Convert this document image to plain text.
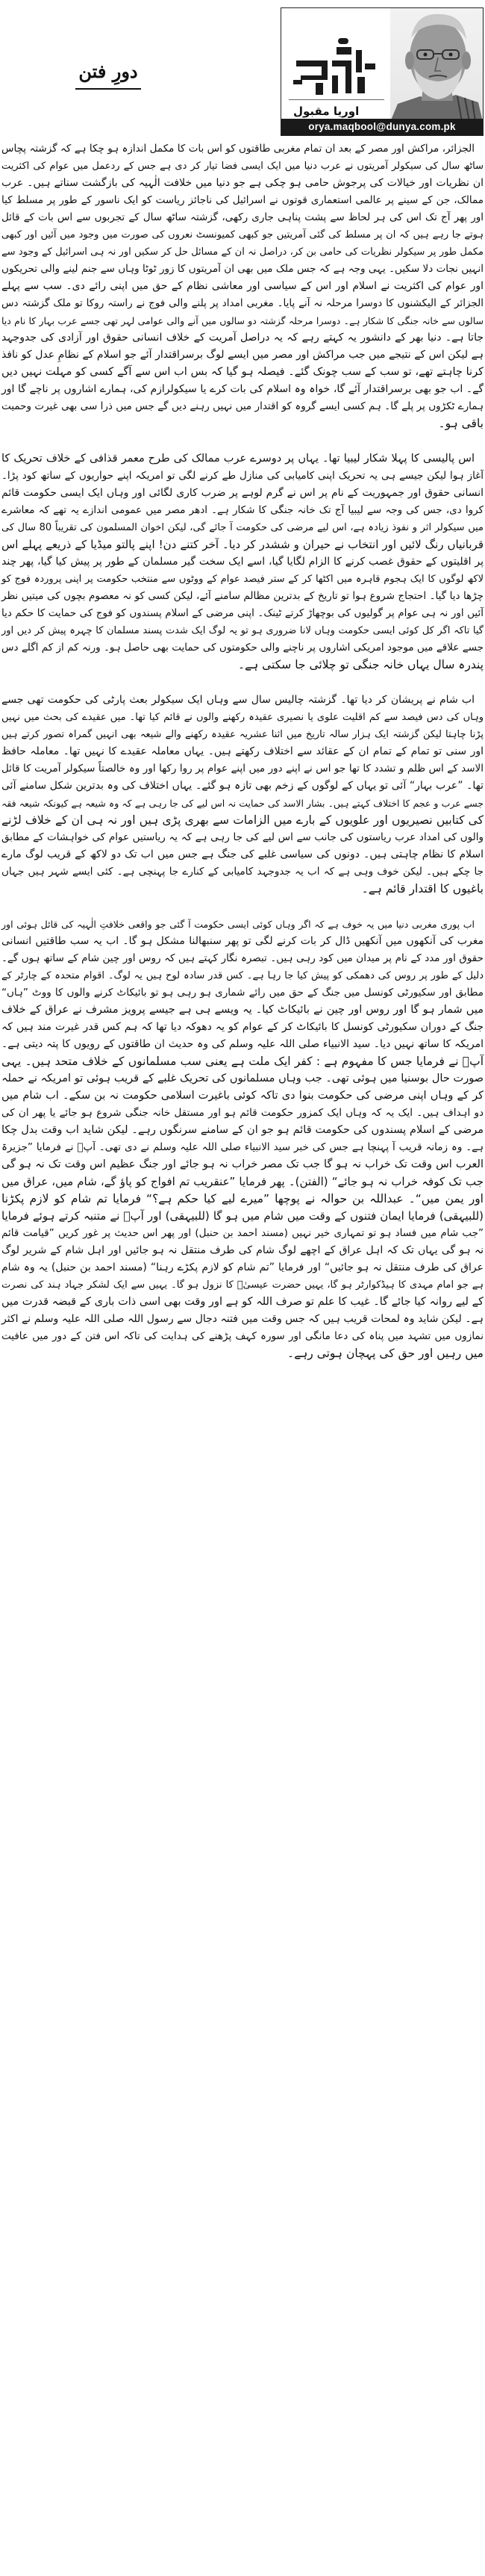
دورِ فتن
اوریا مقبول
orya.maqbool@dunya.com.pk
الجزائر، مراکش اور مصر کے بعد ان تمام مغربی طاقتوں کو اس بات کا مکمل اندازہ ہو چکا ہے کہ گزشتہ پچاس
ساٹھ سال کی سیکولر آمریتوں نے عرب دنیا میں ایک ایسی فضا تیار کر دی ہے جس کے ردعمل میں عوام کی اکثریت
ان نظریات اور خیالات کی پرجوش حامی ہو چکی ہے جو دنیا میں خلافت الٰہیہ کی بازگشت سناتے ہیں۔ عرب
ممالک، جن کے سینے پر عالمی استعماری قوتوں نے اسرائیل کی ناجائز ریاست کو ایک ناسور کے طور پر مسلط کیا
اور پھر آج تک اس کی ہر لحاظ سے پشت پناہی جاری رکھی، گزشتہ ساٹھ سال کے تجربوں سے اس بات کے قائل
ہوتے جا رہے ہیں کہ ان پر مسلط کی گئی آمریتیں جو کبھی کمیونسٹ نعروں کی صورت میں وجود میں آئیں اور کبھی
مکمل طور پر سیکولر نظریات کی حامی بن کر، دراصل نہ ان کے مسائل حل کر سکیں اور نہ ہی اسرائیل کے وجود سے
انہیں نجات دلا سکیں۔ یہی وجہ ہے کہ جس ملک میں بھی ان آمریتوں کا زور ٹوٹا وہاں سے جنم لینے والی تحریکوں
اور عوام کی اکثریت نے اسلام اور اس کے سیاسی اور معاشی نظام کے حق میں اپنی رائے دی۔ سب سے پہلے
الجزائر کے الیکشنوں کا دوسرا مرحلہ نہ آنے پایا۔ مغربی امداد پر پلنے والی فوج نے راستہ روکا تو ملک گزشتہ دس
سالوں سے خانہ جنگی کا شکار ہے۔ دوسرا مرحلہ گزشتہ دو سالوں میں آنے والی عوامی لہر تھی جسے عرب بہار کا نام دیا
جاتا ہے۔ دنیا بھر کے دانشور یہ کہتے رہے کہ یہ دراصل آمریت کے خلاف انسانی حقوق اور آزادی کی جدوجہد
ہے لیکن اس کے نتیجے میں جب مراکش اور مصر میں ایسے لوگ برسراقتدار آئے جو اسلام کے نظامِ عدل کو نافذ
کرنا چاہتے تھے، تو سب کے سب چونک گئے۔ فیصلہ ہو گیا کہ بس اب اس سے آگے کسی کو مہلت نہیں دیں
گے۔ اب جو بھی برسراقتدار آئے گا، خواہ وہ اسلام کی بات کرے یا سیکولرازم کی، ہمارے اشاروں پر ناچے گا اور
ہمارے ٹکڑوں پر پلے گا۔ ہم کسی ایسے گروہ کو اقتدار میں نہیں رہنے دیں گے جس میں ذرا سی بھی غیرت وحمیت
باقی ہو۔
اس پالیسی کا پہلا شکار لیبیا تھا۔ یہاں پر دوسرے عرب ممالک کی طرح معمر قذافی کے خلاف تحریک کا
آغاز ہوا لیکن جیسے ہی یہ تحریک اپنی کامیابی کی منازل طے کرنے لگی تو امریکہ اپنے حواریوں کے ساتھ کود پڑا۔
انسانی حقوق اور جمہوریت کے نام پر اس نے گرم لوہے پر ضرب کاری لگائی اور وہاں ایک ایسی حکومت قائم
کروا دی، جس کی وجہ سے لیبیا آج تک خانہ جنگی کا شکار ہے۔ ادھر مصر میں عمومی اندازے یہ تھے کہ معاشرے
میں سیکولر اثر و نفوذ زیادہ ہے، اس لیے مرضی کی حکومت آ جائے گی، لیکن اخوان المسلمون کی تقریباً 80 سال کی
قربانیاں رنگ لائیں اور انتخاب نے حیران و ششدر کر دیا۔ آخر کتنے دن! اپنے پالتو میڈیا کے ذریعے پہلے اس
پر اقلیتوں کے حقوق غصب کرنے کا الزام لگایا گیا، اسے ایک سخت گیر مسلمان کے طور پر پیش کیا گیا، پھر چند
لاکھ لوگوں کا ایک ہجوم قاہرہ میں اکٹھا کر کے ستر فیصد عوام کے ووٹوں سے منتخب حکومت پر اپنی پروردہ فوج کو
چڑھا دیا گیا۔ احتجاج شروع ہوا تو تاریخ کے بدترین مظالم سامنے آئے، لیکن کسی کو نہ معصوم بچوں کی میتیں نظر
آئیں اور نہ ہی عوام پر گولیوں کی بوچھاڑ کرتے ٹینک۔ اپنی مرضی کے اسلام پسندوں کو فوج کی حمایت کا حکم دیا
گیا تاکہ اگر کل کوئی ایسی حکومت وہاں لانا ضروری ہو تو یہ لوگ ایک شدت پسند مسلمان کا چہرہ پیش کر دیں اور
جسے علاقے میں موجود امریکی اشاروں پر ناچنے والی حکومتوں کی حمایت بھی حاصل ہو۔ ورنہ کم از کم اگلے دس
پندرہ سال یہاں خانہ جنگی تو چلائی جا سکتی ہے۔
اب شام نے پریشان کر دیا تھا۔ گزشتہ چالیس سال سے وہاں ایک سیکولر بعث پارٹی کی حکومت تھی جسے
وہاں کی دس فیصد سے کم اقلیت علوی یا نصیری عقیدہ رکھنے والوں نے قائم کیا تھا۔ میں عقیدے کی بحث میں نہیں
پڑنا چاہتا لیکن گزشتہ ایک ہزار سالہ تاریخ میں اثنا عشریہ عقیدہ رکھنے والے شیعہ بھی انہیں گمراہ تصور کرتے ہیں
اور سنی تو تمام کے تمام ان کے عقائد سے اختلاف رکھتے ہیں۔ یہاں معاملہ عقیدے کا نہیں تھا۔ معاملہ حافظ
الاسد کے اس ظلم و تشدد کا تھا جو اس نے اپنے دور میں اپنے عوام پر روا رکھا اور وہ خالصتاً سیکولر آمریت کا قائل
تھا۔ ”عرب بہار“ آئی تو یہاں کے لوگوں کے زخم بھی تازہ ہو گئے۔ یہاں اختلاف کی وہ بدترین شکل سامنے آئی
جسے عرب و عجم کا اختلاف کہتے ہیں۔ بشار الاسد کی حمایت نہ اس لیے کی جا رہی ہے کہ وہ شیعہ ہے کیونکہ شیعہ فقہ
کی کتابیں نصیریوں اور علویوں کے بارے میں الزامات سے بھری پڑی ہیں اور نہ ہی ان کے خلاف لڑنے
والوں کی امداد عرب ریاستوں کی جانب سے اس لیے کی جا رہی ہے کہ یہ ریاستیں عوام کی خواہشات کے مطابق
اسلام کا نظام چاہتی ہیں۔ دونوں کی سیاسی غلبے کی جنگ ہے جس میں اب تک دو لاکھ کے قریب لوگ مارے
جا چکے ہیں۔ لیکن خوف وہی ہے کہ اب یہ جدوجہد کامیابی کے کنارے جا پہنچی ہے۔ کئی ایسے شہر ہیں جہاں
باغیوں کا اقتدار قائم ہے۔
اب پوری مغربی دنیا میں یہ خوف ہے کہ اگر وہاں کوئی ایسی حکومت آ گئی جو واقعی خلافتِ الٰہیہ کی قائل ہوئی اور
مغرب کی آنکھوں میں آنکھیں ڈال کر بات کرنے لگی تو پھر سنبھالنا مشکل ہو گا۔ اب یہ سب طاقتیں انسانی
حقوق اور مدد کے نام پر میدان میں کود رہی ہیں۔ تبصرہ نگار کہتے ہیں کہ روس اور چین شام کے ساتھ ہوں گے۔
دلیل کے طور پر روس کی دھمکی کو پیش کیا جا رہا ہے۔ کس قدر سادہ لوح ہیں یہ لوگ۔ اقوام متحدہ کے چارٹر کے
مطابق اور سکیورٹی کونسل میں جنگ کے حق میں رائے شماری ہو رہی ہو تو بائیکاٹ کرنے والوں کا ووٹ ”ہاں“
میں شمار ہو گا اور روس اور چین نے بائیکاٹ کیا۔ یہ ویسے ہی ہے جیسے پرویز مشرف نے عراق کے خلاف
جنگ کے دوران سکیورٹی کونسل کا بائیکاٹ کر کے عوام کو یہ دھوکہ دیا تھا کہ ہم کس قدر غیرت مند ہیں کہ
امریکہ کا ساتھ نہیں دیا۔ سید الانبیاء صلی اللہ علیہ وسلم کی وہ حدیث ان طاقتوں کے رویوں کا پتہ دیتی ہے۔
آپؐ نے فرمایا جس کا مفہوم ہے : کفر ایک ملت ہے یعنی سب مسلمانوں کے خلاف متحد ہیں۔ یہی
صورت حال بوسنیا میں ہوئی تھی۔ جب وہاں مسلمانوں کی تحریک غلبے کے قریب ہوئی تو امریکہ نے حملہ
کر کے وہاں اپنی مرضی کی حکومت بنوا دی تاکہ کوئی باغیرت اسلامی حکومت نہ بن سکے۔ اب شام میں
دو اہداف ہیں۔ ایک یہ کہ وہاں ایک کمزور حکومت قائم ہو اور مستقل خانہ جنگی شروع ہو جائے یا پھر ان کی
مرضی کے اسلام پسندوں کی حکومت قائم ہو جو ان کے سامنے سرنگوں رہے۔ لیکن شاید اب وقت بدل چکا
ہے۔ وہ زمانہ قریب آ پہنچا ہے جس کی خبر سید الانبیاء صلی اللہ علیہ وسلم نے دی تھی۔ آپؐ نے فرمایا ”جزیرۃ
العرب اس وقت تک خراب نہ ہو گا جب تک مصر خراب نہ ہو جائے اور جنگ عظیم اس وقت تک نہ ہو گی
جب تک کوفہ خراب نہ ہو جائے“ (الفتن)۔ پھر فرمایا ”عنقریب تم افواج کو پاؤ گے، شام میں، عراق میں
اور یمن میں“۔ عبداللہ بن حوالہ نے پوچھا ”میرے لیے کیا حکم ہے؟“ فرمایا تم شام کو لازم پکڑنا
(للبیہقی) فرمایا ایمان فتنوں کے وقت میں شام میں ہو گا (للبیہقی) اور آپؐ نے متنبہ کرتے ہوئے فرمایا
”جب شام میں فساد ہو تو تمہاری خیر نہیں (مسند احمد بن حنبل) اور پھر اس حدیث پر غور کریں ”قیامت قائم
نہ ہو گی یہاں تک کہ اہل عراق کے اچھے لوگ شام کی طرف منتقل نہ ہو جائیں اور اہل شام کے شریر لوگ
عراق کی طرف منتقل نہ ہو جائیں“ اور فرمایا ”تم شام کو لازم پکڑے رہنا“ (مسند احمد بن حنبل) یہ وہ شام
ہے جو امام مہدی کا ہیڈکوارٹر ہو گا، یہیں حضرت عیسیٰؑ کا نزول ہو گا۔ یہیں سے ایک لشکر جہاد ہند کی نصرت
کے لیے روانہ کیا جائے گا۔ غیب کا علم تو صرف اللہ کو ہے اور وقت بھی اسی ذات باری کے قبضہ قدرت میں
ہے۔ لیکن شاید وہ لمحات قریب ہیں کہ جس وقت میں فتنہ دجال سے رسول اللہ صلی اللہ علیہ وسلم نے اکثر
نمازوں میں تشہد میں پناہ کی دعا مانگی اور سورہ کہف پڑھنے کی ہدایت کی تاکہ اس فتن کے دور میں عافیت
میں رہیں اور حق کی پہچان ہوتی رہے۔
